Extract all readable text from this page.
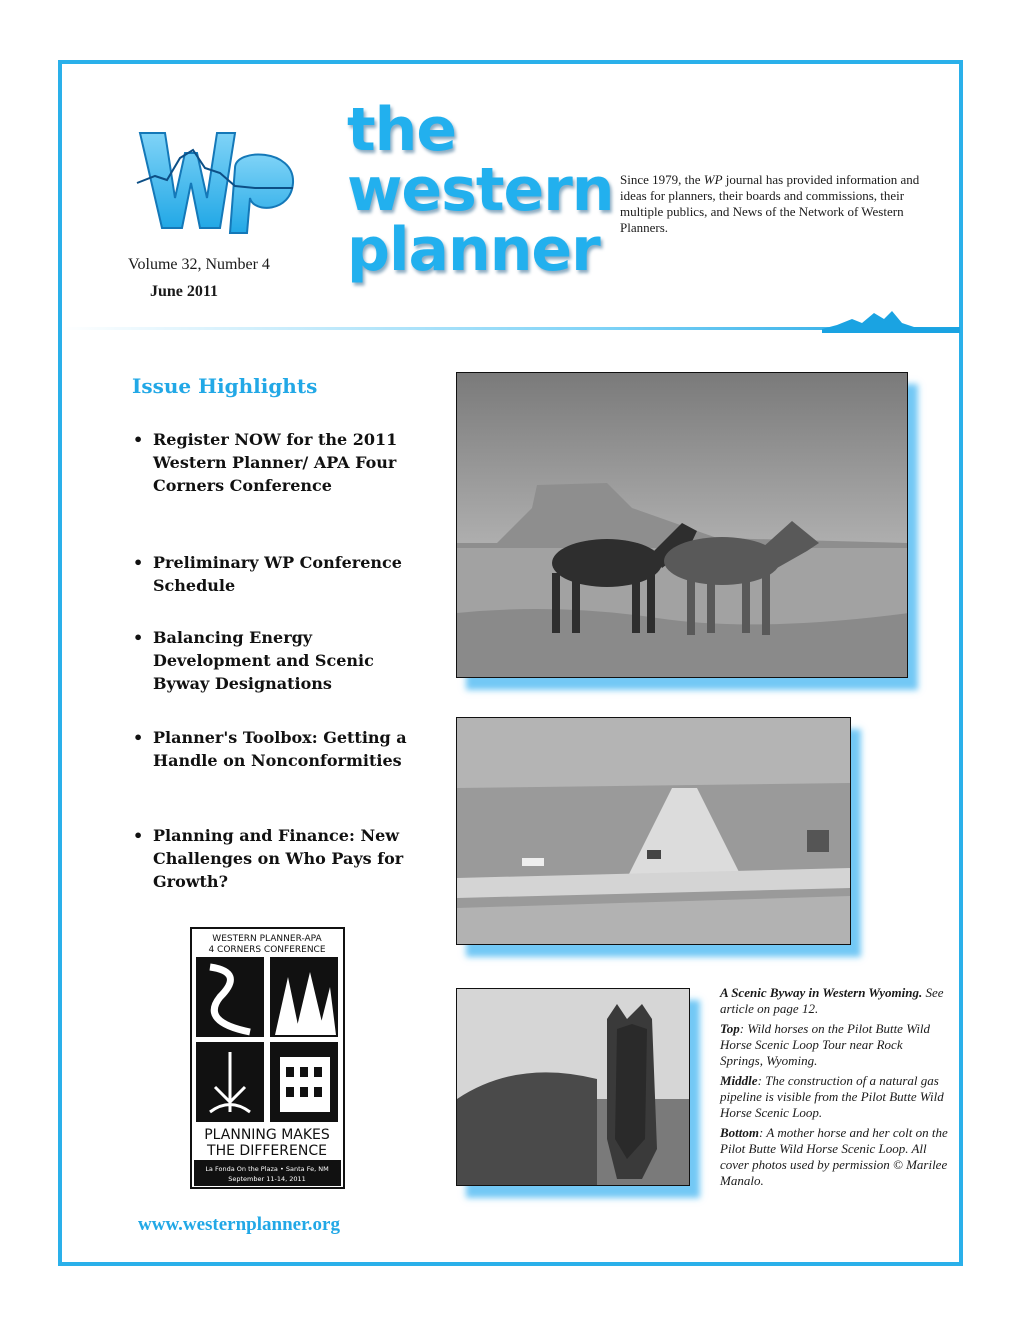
the
western
planner
Volume 32, Number 4
June 2011
Since 1979, the WP journal has provided information and ideas for planners, their boards and commissions, their multiple publics, and News of the Network of Western Planners.
Issue Highlights
• Register NOW for the 2011 Western Planner/ APA Four Corners Conference
• Preliminary WP Conference Schedule
• Balancing Energy Development and Scenic Byway Designations
• Planner's Toolbox: Getting a Handle on Nonconformities
• Planning and Finance: New Challenges on Who Pays for Growth?
WESTERN PLANNER-APA
4 CORNERS CONFERENCE
PLANNING MAKES
THE DIFFERENCE
La Fonda On the Plaza • Santa Fe, NM
September 11-14, 2011
www.westernplanner.org

A Scenic Byway in Western Wyoming. See article on page 12.

Top: Wild horses on the Pilot Butte Wild Horse Scenic Loop Tour near Rock Springs, Wyoming.

Middle: The construction of a natural gas pipeline is visible from the Pilot Butte Wild Horse Scenic Loop.

Bottom: A mother horse and her colt on the Pilot Butte Wild Horse Scenic Loop. All cover photos used by permission © Marilee Manalo.
